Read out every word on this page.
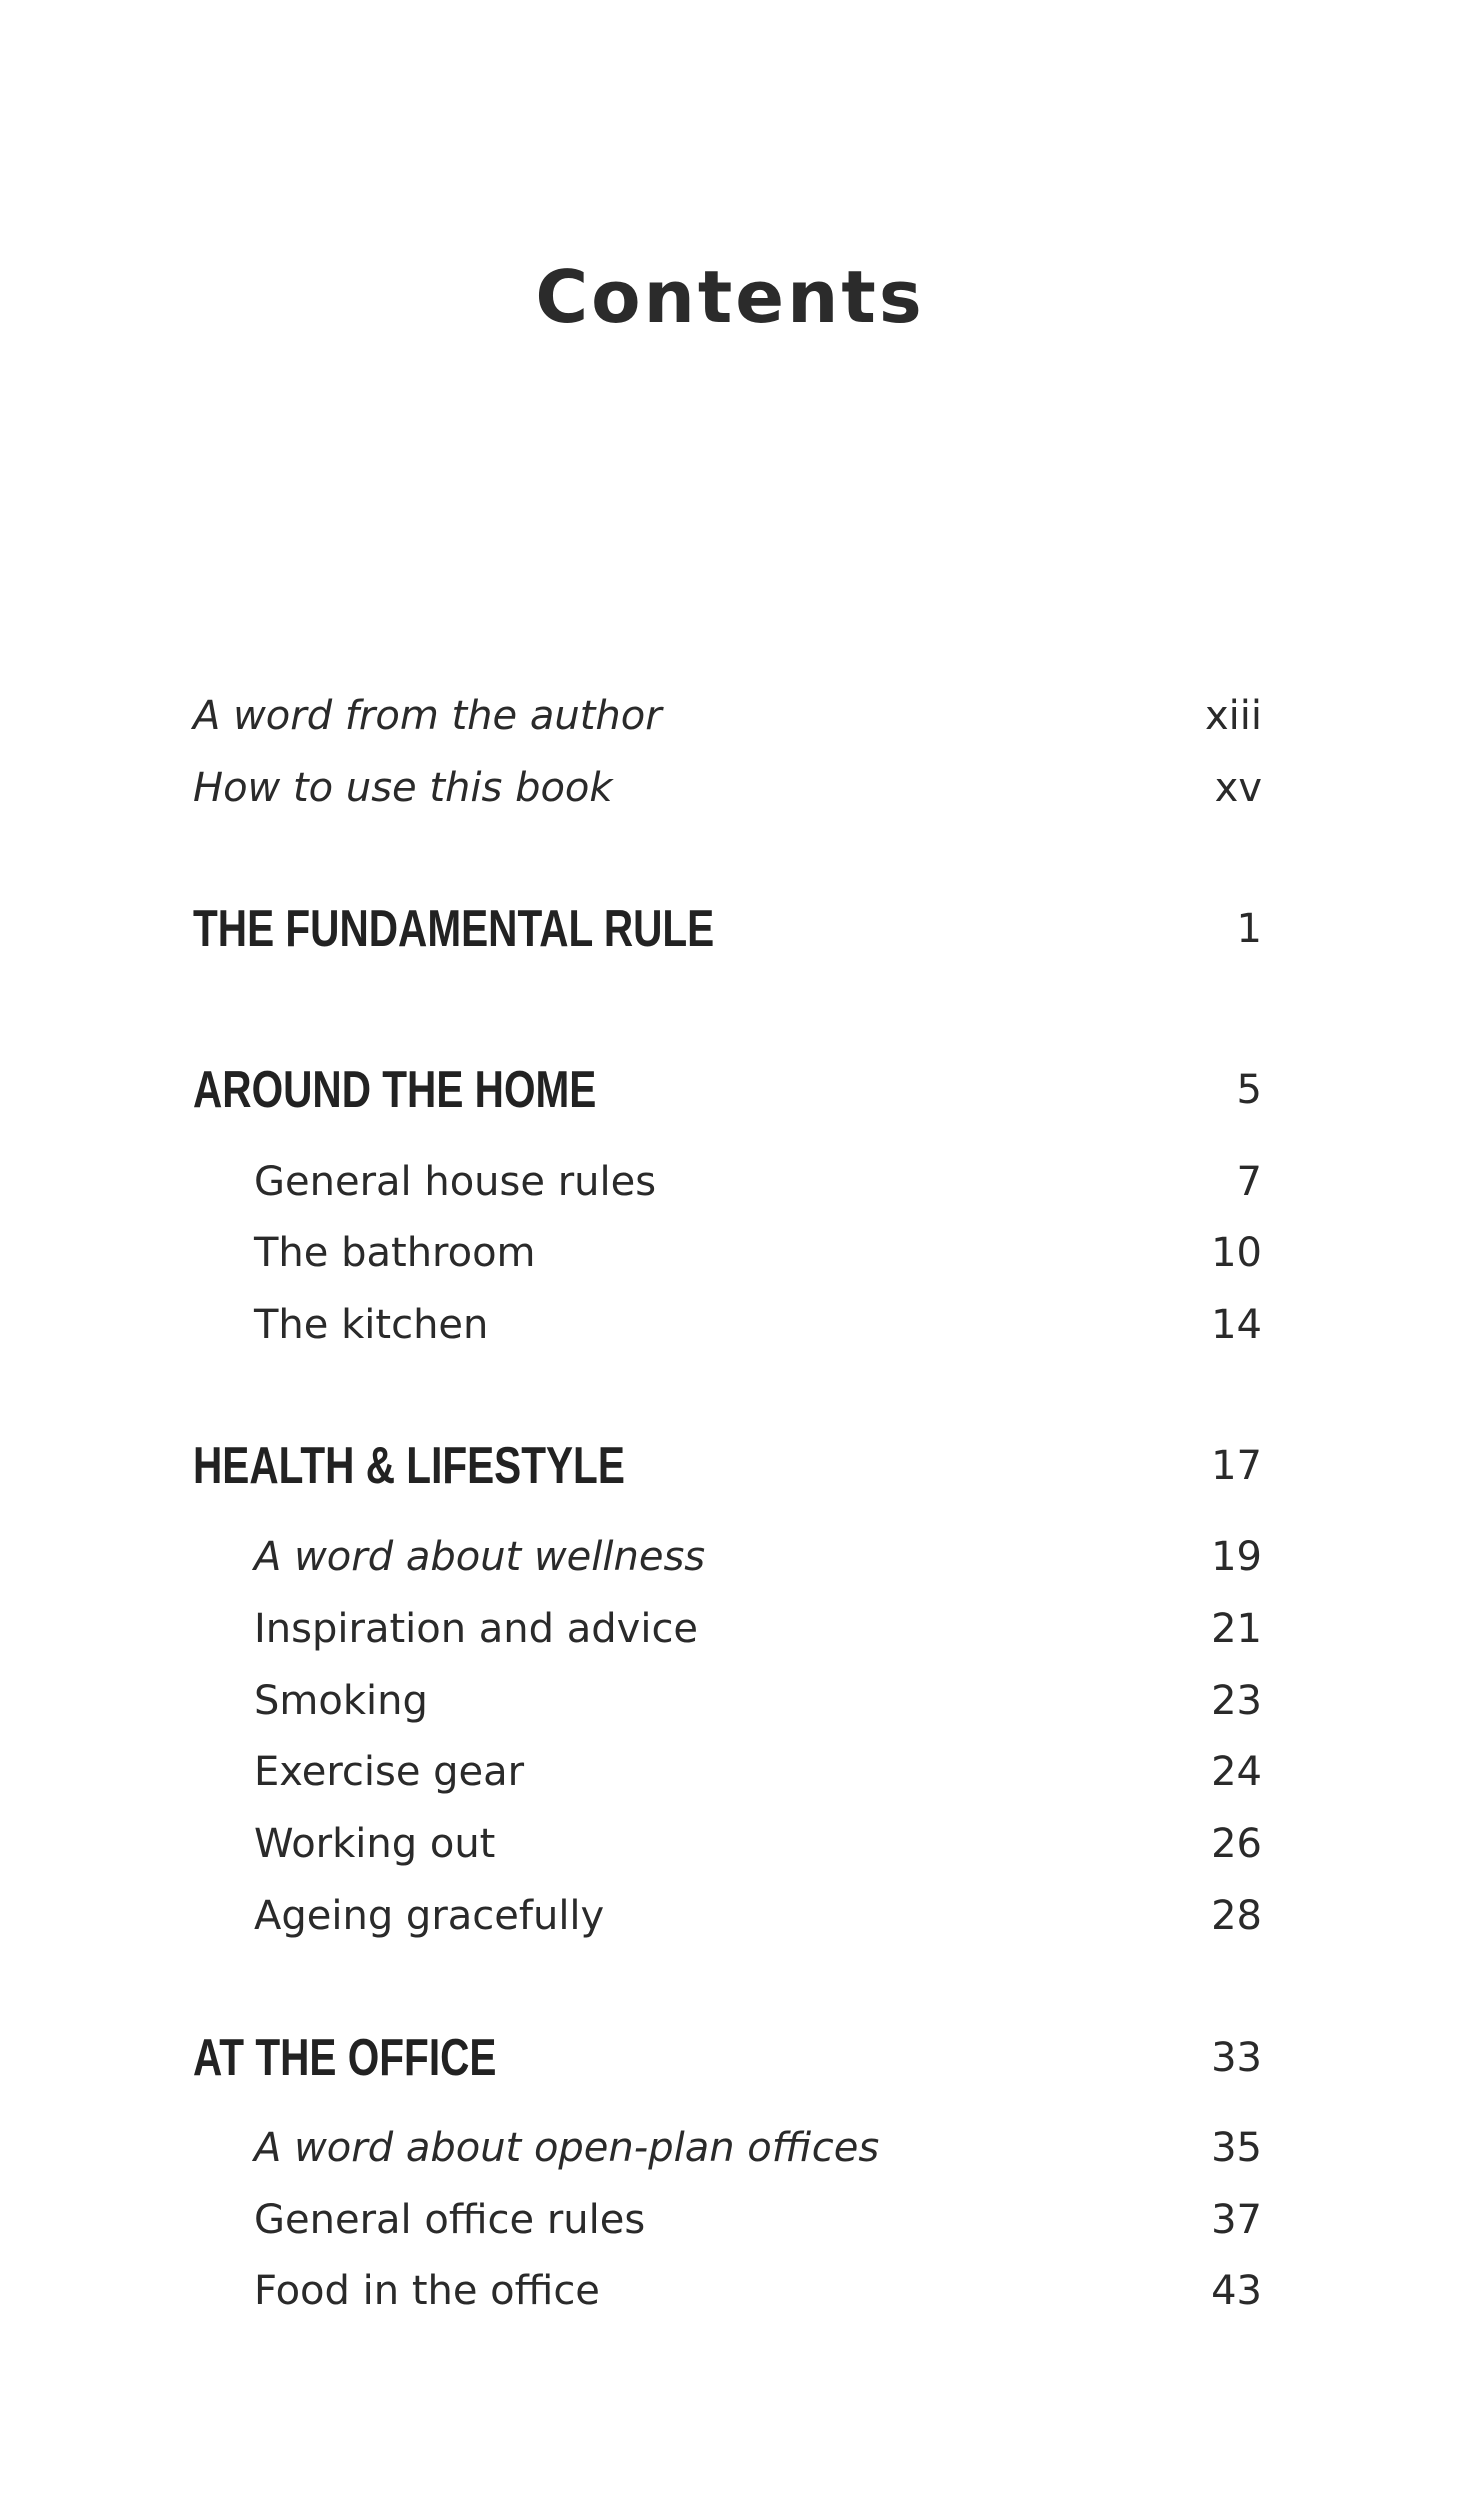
Contents
A word from the author	xiii
How to use this book	xv
THE FUNDAMENTAL RULE	1
AROUND THE HOME	5
General house rules	7
The bathroom	10
The kitchen	14
HEALTH & LIFESTYLE	17
A word about wellness	19
Inspiration and advice	21
Smoking	23
Exercise gear	24
Working out	26
Ageing gracefully	28
AT THE OFFICE	33
A word about open-plan offices	35
General office rules	37
Food in the office	43
